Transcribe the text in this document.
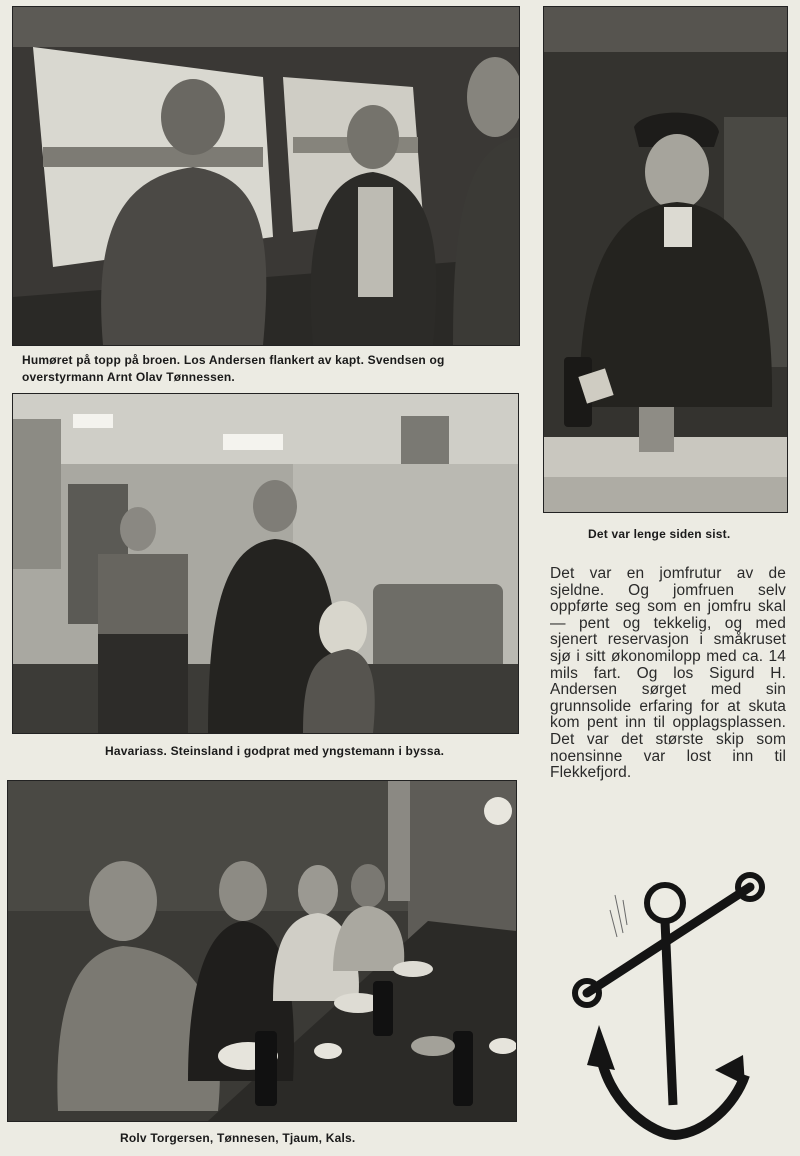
Humøret på topp på broen. Los Andersen flankert av kapt. Svendsen og overstyrmann Arnt Olav Tønnessen.
Det var lenge siden sist.
Det var en jomfrutur av de sjeldne. Og jomfruen selv oppførte seg som en jomfru skal — pent og tekkelig, og med sjenert reservasjon i småkruset sjø i sitt økonomilopp med ca. 14 mils fart. Og los Sigurd H. Andersen sørget med sin grunnsolide erfaring for at skuta kom pent inn til opplagsplassen. Det var det største skip som noensinne var lost inn til Flekkefjord.
Havariass. Steinsland i godprat med yngstemann i byssa.
Rolv Torgersen, Tønnesen, Tjaum, Kals.
